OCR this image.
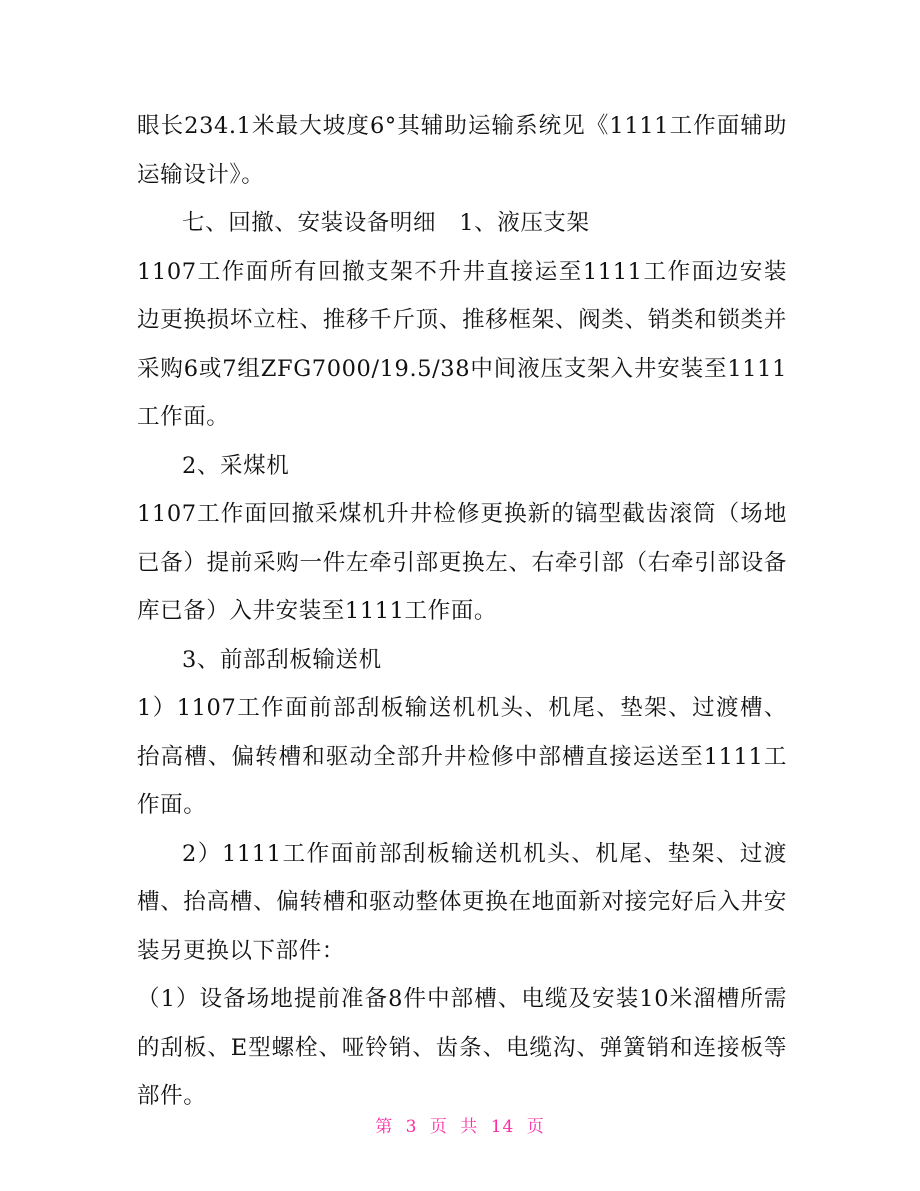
眼长234.1米最大坡度6°其辅助运输系统见《1111工作面辅助运输设计》。

七、回撤、安装设备明细　1、液压支架

1107工作面所有回撤支架不升井直接运至1111工作面边安装边更换损坏立柱、推移千斤顶、推移框架、阀类、销类和锁类并采购6或7组ZFG7000/19.5/38中间液压支架入井安装至1111工作面。

2、采煤机

1107工作面回撤采煤机升井检修更换新的镐型截齿滚筒（场地已备）提前采购一件左牵引部更换左、右牵引部（右牵引部设备库已备）入井安装至1111工作面。

3、前部刮板输送机

1）1107工作面前部刮板输送机机头、机尾、垫架、过渡槽、抬高槽、偏转槽和驱动全部升井检修中部槽直接运送至1111工作面。

2）1111工作面前部刮板输送机机头、机尾、垫架、过渡槽、抬高槽、偏转槽和驱动整体更换在地面新对接完好后入井安装另更换以下部件：

（1）设备场地提前准备8件中部槽、电缆及安装10米溜槽所需的刮板、E型螺栓、哑铃销、齿条、电缆沟、弹簧销和连接板等部件。

第 3 页 共 14 页
